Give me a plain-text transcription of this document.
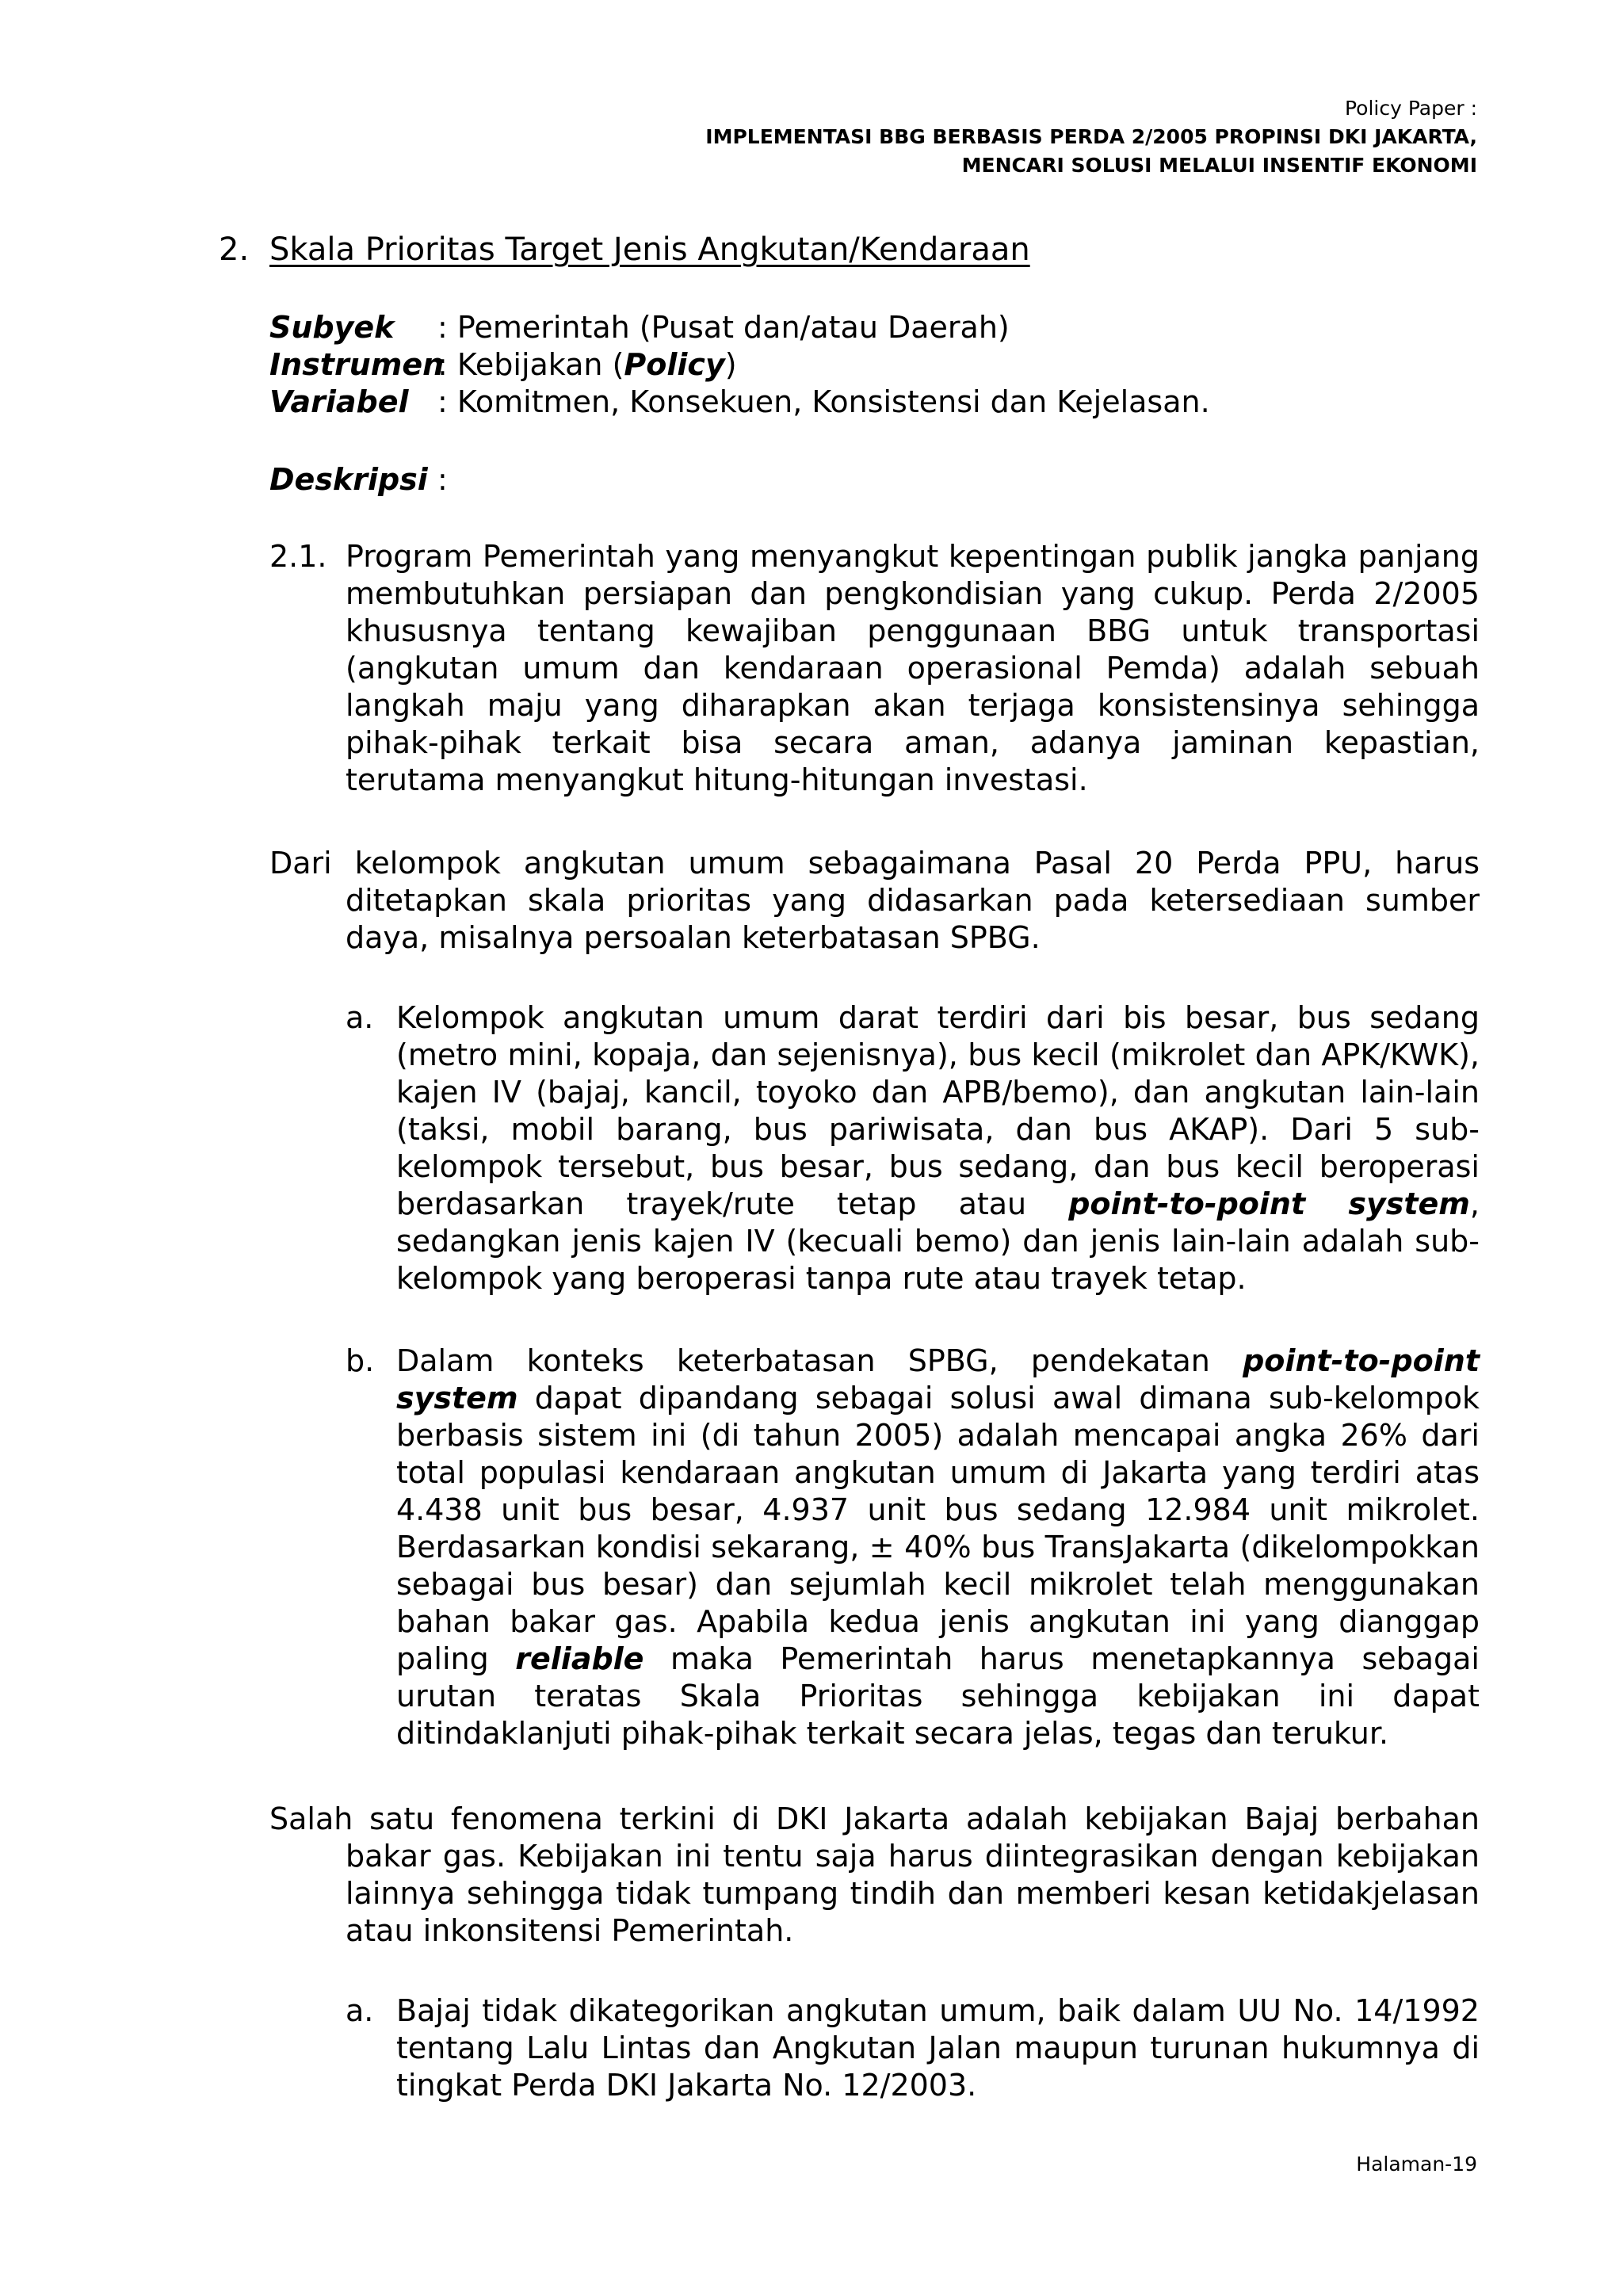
Policy Paper :
IMPLEMENTASI BBG BERBASIS PERDA 2/2005 PROPINSI DKI JAKARTA,
MENCARI SOLUSI MELALUI INSENTIF EKONOMI
2. Skala Prioritas Target Jenis Angkutan/Kendaraan
Subyek : Pemerintah (Pusat dan/atau Daerah)
Instrumen: Kebijakan (Policy)
Variabel : Komitmen, Konsekuen, Konsistensi dan Kejelasan.
Deskripsi :
2.1. Program Pemerintah yang menyangkut kepentingan publik jangka panjang membutuhkan persiapan dan pengkondisian yang cukup. Perda 2/2005 khususnya tentang kewajiban penggunaan BBG untuk transportasi (angkutan umum dan kendaraan operasional Pemda) adalah sebuah langkah maju yang diharapkan akan terjaga konsistensinya sehingga pihak-pihak terkait bisa secara aman, adanya jaminan kepastian, terutama menyangkut hitung-hitungan investasi.
Dari kelompok angkutan umum sebagaimana Pasal 20 Perda PPU, harus ditetapkan skala prioritas yang didasarkan pada ketersediaan sumber daya, misalnya persoalan keterbatasan SPBG.
a. Kelompok angkutan umum darat terdiri dari bis besar, bus sedang (metro mini, kopaja, dan sejenisnya), bus kecil (mikrolet dan APK/KWK), kajen IV (bajaj, kancil, toyoko dan APB/bemo), dan angkutan lain-lain (taksi, mobil barang, bus pariwisata, dan bus AKAP). Dari 5 sub-kelompok tersebut, bus besar, bus sedang, dan bus kecil beroperasi berdasarkan trayek/rute tetap atau point-to-point system, sedangkan jenis kajen IV (kecuali bemo) dan jenis lain-lain adalah sub-kelompok yang beroperasi tanpa rute atau trayek tetap.
b. Dalam konteks keterbatasan SPBG, pendekatan point-to-point system dapat dipandang sebagai solusi awal dimana sub-kelompok berbasis sistem ini (di tahun 2005) adalah mencapai angka 26% dari total populasi kendaraan angkutan umum di Jakarta yang terdiri atas 4.438 unit bus besar, 4.937 unit bus sedang 12.984 unit mikrolet. Berdasarkan kondisi sekarang, ± 40% bus TransJakarta (dikelompokkan sebagai bus besar) dan sejumlah kecil mikrolet telah menggunakan bahan bakar gas. Apabila kedua jenis angkutan ini yang dianggap paling reliable maka Pemerintah harus menetapkannya sebagai urutan teratas Skala Prioritas sehingga kebijakan ini dapat ditindaklanjuti pihak-pihak terkait secara jelas, tegas dan terukur.
Salah satu fenomena terkini di DKI Jakarta adalah kebijakan Bajaj berbahan bakar gas. Kebijakan ini tentu saja harus diintegrasikan dengan kebijakan lainnya sehingga tidak tumpang tindih dan memberi kesan ketidakjelasan atau inkonsitensi Pemerintah.
a. Bajaj tidak dikategorikan angkutan umum, baik dalam UU No. 14/1992 tentang Lalu Lintas dan Angkutan Jalan maupun turunan hukumnya di tingkat Perda DKI Jakarta No. 12/2003.
Halaman-19
